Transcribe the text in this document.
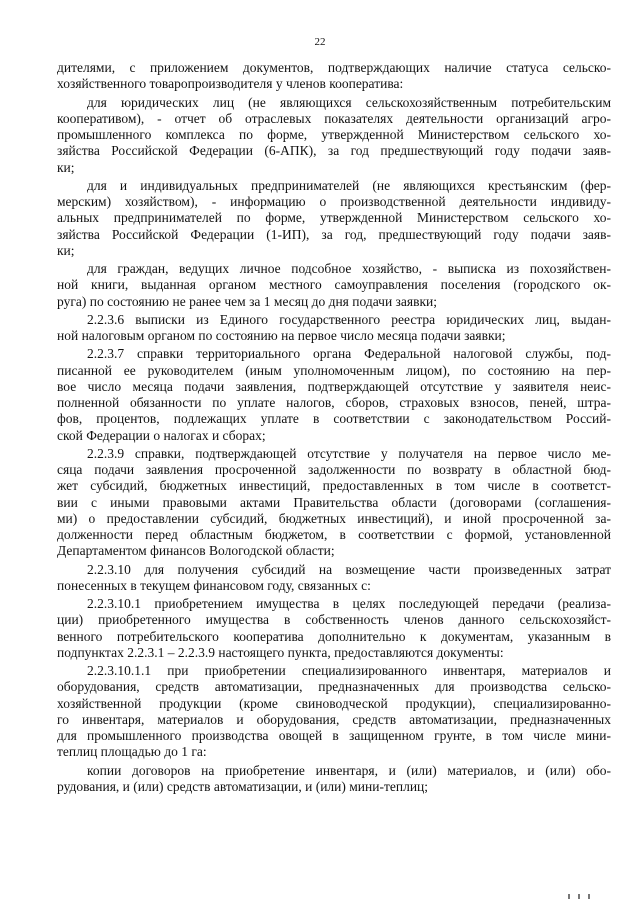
22
дителями, с приложением документов, подтверждающих наличие статуса сельско-
хозяйственного товаропроизводителя у членов кооператива:
для юридических лиц (не являющихся сельскохозяйственным потребительским
кооперативом), - отчет об отраслевых показателях деятельности организаций агро-
промышленного комплекса по форме, утвержденной Министерством сельского хо-
зяйства Российской Федерации (6-АПК), за год предшествующий году подачи заяв-
ки;
для и индивидуальных предпринимателей (не являющихся крестьянским (фер-
мерским) хозяйством), - информацию о производственной деятельности индивиду-
альных предпринимателей по форме, утвержденной Министерством сельского хо-
зяйства Российской Федерации (1-ИП), за год, предшествующий году подачи заяв-
ки;
для граждан, ведущих личное подсобное хозяйство, - выписка из похозяйствен-
ной книги, выданная органом местного самоуправления поселения (городского ок-
руга) по состоянию не ранее чем за 1 месяц до дня подачи заявки;
2.2.3.6 выписки из Единого государственного реестра юридических лиц, выдан-
ной налоговым органом по состоянию на первое число месяца подачи заявки;
2.2.3.7 справки территориального органа Федеральной налоговой службы, под-
писанной ее руководителем (иным уполномоченным лицом), по состоянию на пер-
вое число месяца подачи заявления, подтверждающей отсутствие у заявителя неис-
полненной обязанности по уплате налогов, сборов, страховых взносов, пеней, штра-
фов, процентов, подлежащих уплате в соответствии с законодательством Россий-
ской Федерации о налогах и сборах;
2.2.3.9 справки, подтверждающей отсутствие у получателя на первое число ме-
сяца подачи заявления просроченной задолженности по возврату в областной бюд-
жет субсидий, бюджетных инвестиций, предоставленных в том числе в соответст-
вии с иными правовыми актами Правительства области (договорами (соглашения-
ми) о предоставлении субсидий, бюджетных инвестиций), и иной просроченной за-
долженности перед областным бюджетом, в соответствии с формой, установленной
Департаментом финансов Вологодской области;
2.2.3.10 для получения субсидий на возмещение части произведенных затрат
понесенных в текущем финансовом году, связанных с:
2.2.3.10.1 приобретением имущества в целях последующей передачи (реализа-
ции) приобретенного имущества в собственность членов данного сельскохозяйст-
венного потребительского кооператива дополнительно к документам, указанным в
подпунктах 2.2.3.1 – 2.2.3.9 настоящего пункта, предоставляются документы:
2.2.3.10.1.1 при приобретении специализированного инвентаря, материалов и
оборудования, средств автоматизации, предназначенных для производства сельско-
хозяйственной продукции (кроме свиноводческой продукции), специализированно-
го инвентаря, материалов и оборудования, средств автоматизации, предназначенных
для промышленного производства овощей в защищенном грунте, в том числе мини-
теплиц площадью до 1 га:
копии договоров на приобретение инвентаря, и (или) материалов, и (или) обо-
рудования, и (или) средств автоматизации, и (или) мини-теплиц;
